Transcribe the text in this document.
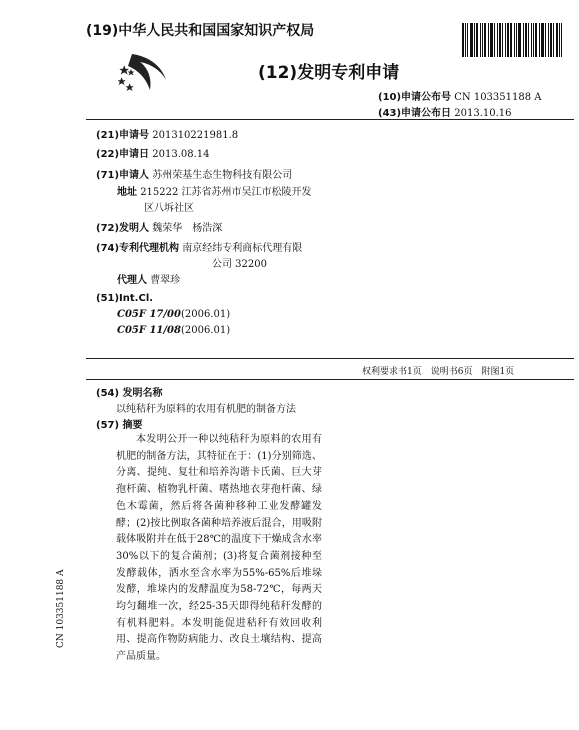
(19)中华人民共和国国家知识产权局
(12)发明专利申请
(10)申请公布号 CN 103351188 A
(43)申请公布日 2013.10.16
(21)申请号 201310221981.8
(22)申请日 2013.08.14
(71)申请人 苏州荣基生态生物科技有限公司
地址 215222 江苏省苏州市吴江市松陵开发
区八坼社区
(72)发明人 魏荣华　杨浩深
(74)专利代理机构 南京经纬专利商标代理有限
公司 32200
代理人 曹翠珍
(51)Int.Cl.
C05F 17/00(2006.01)
C05F 11/08(2006.01)
权利要求书1页　说明书6页　附图1页
(54) 发明名称
以纯秸秆为原料的农用有机肥的制备方法
(57) 摘要

本发明公开一种以纯秸秆为原料的农用有机肥的制备方法，其特征在于：(1)分别筛选、分离、提纯、复壮和培养沟谐卡氏菌、巨大芽孢杆菌、植物乳杆菌、嗜热地衣芽孢杆菌、绿色木霉菌，然后将各菌种移种工业发酵罐发酵；(2)按比例取各菌种培养液后混合，用吸附载体吸附并在低于28℃的温度下干燥成含水率30%以下的复合菌剂；(3)将复合菌剂接种至发酵载体，洒水至含水率为55%-65%后堆垛发酵，堆垛内的发酵温度为58-72℃，每两天均匀翻堆一次，经25-35天即得纯秸秆发酵的有机料肥料。本发明能促进秸秆有效回收利用、提高作物防病能力、改良土壤结构、提高产品质量。

CN 103351188 A
